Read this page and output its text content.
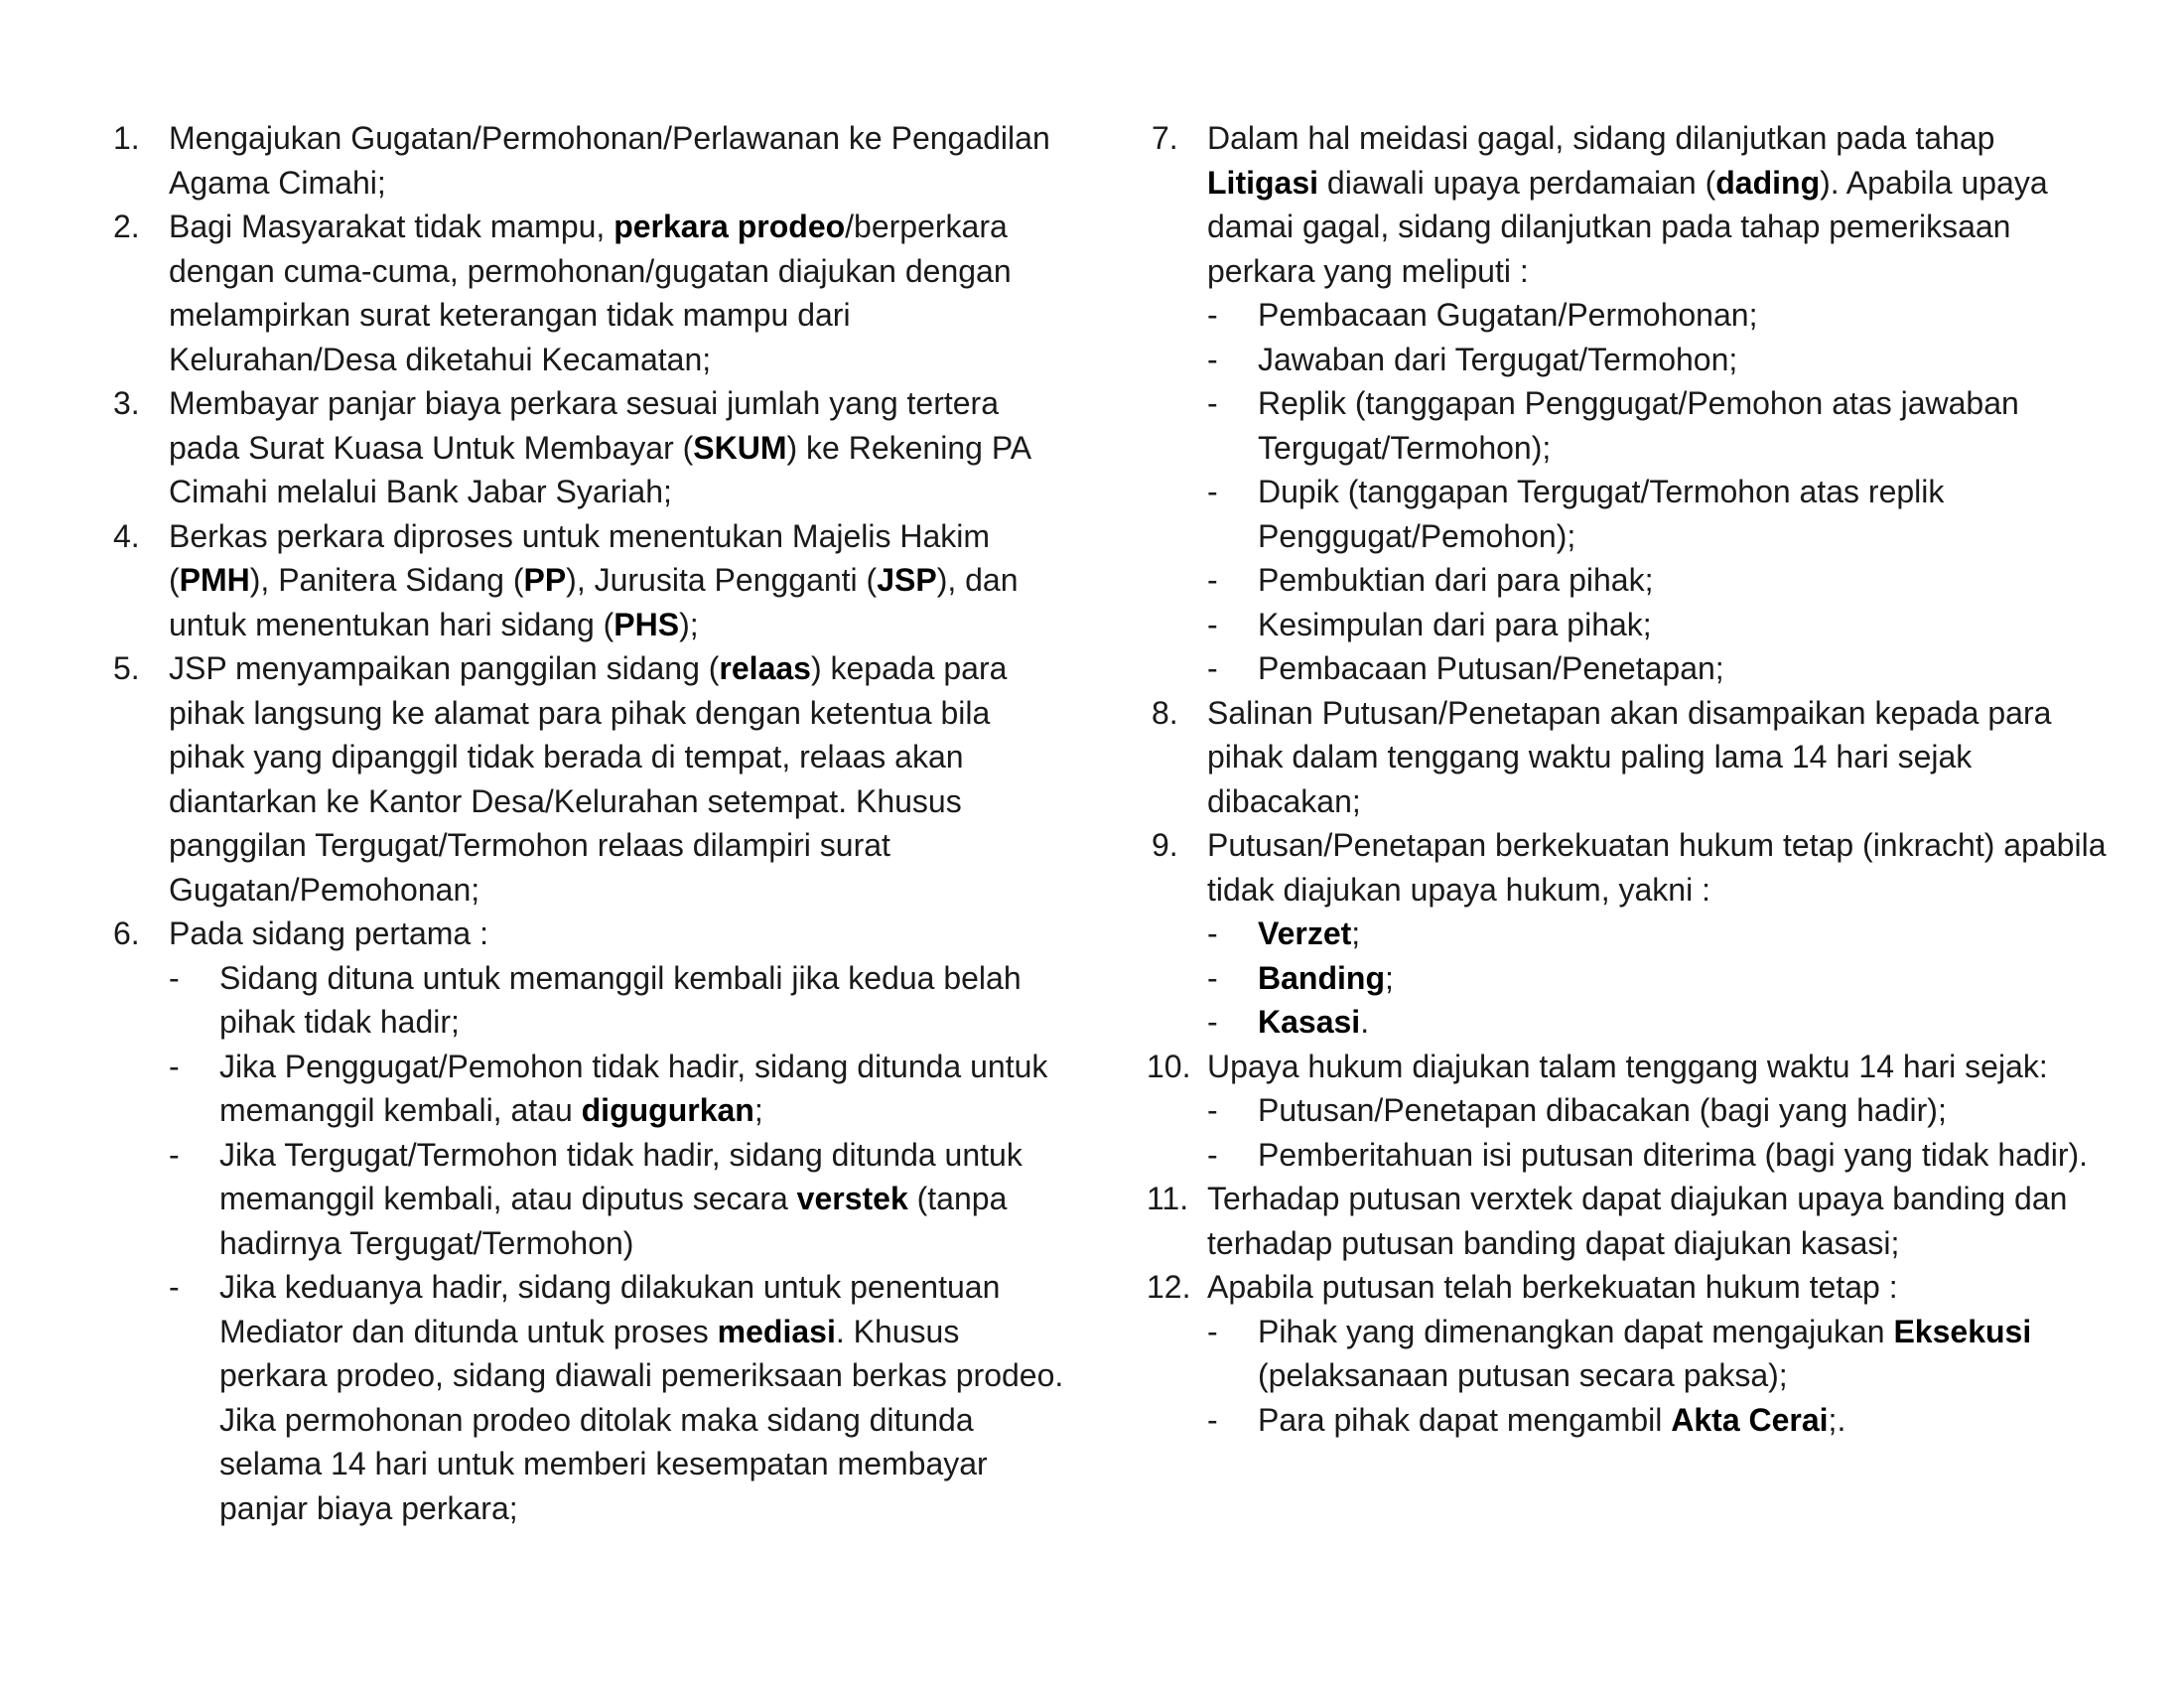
1. Mengajukan Gugatan/Permohonan/Perlawanan ke Pengadilan Agama Cimahi;
2. Bagi Masyarakat tidak mampu, perkara prodeo/berperkara dengan cuma-cuma, permohonan/gugatan diajukan dengan melampirkan surat keterangan tidak mampu dari Kelurahan/Desa diketahui Kecamatan;
3. Membayar panjar biaya perkara sesuai jumlah yang tertera pada Surat Kuasa Untuk Membayar (SKUM) ke Rekening PA Cimahi melalui Bank Jabar Syariah;
4. Berkas perkara diproses untuk menentukan Majelis Hakim (PMH), Panitera Sidang (PP), Jurusita Pengganti (JSP), dan untuk menentukan hari sidang (PHS);
5. JSP menyampaikan panggilan sidang (relaas) kepada para pihak langsung ke alamat para pihak dengan ketentua bila pihak yang dipanggil tidak berada di tempat, relaas akan diantarkan ke Kantor Desa/Kelurahan setempat. Khusus panggilan Tergugat/Termohon relaas dilampiri surat Gugatan/Pemohonan;
6. Pada sidang pertama :
- Sidang dituna untuk memanggil kembali jika kedua belah pihak tidak hadir;
- Jika Penggugat/Pemohon tidak hadir, sidang ditunda untuk memanggil kembali, atau digugurkan;
- Jika Tergugat/Termohon tidak hadir, sidang ditunda untuk memanggil kembali, atau diputus secara verstek (tanpa hadirnya Tergugat/Termohon)
- Jika keduanya hadir, sidang dilakukan untuk penentuan Mediator dan ditunda untuk proses mediasi. Khusus perkara prodeo, sidang diawali pemeriksaan berkas prodeo. Jika permohonan prodeo ditolak maka sidang ditunda selama 14 hari untuk memberi kesempatan membayar panjar biaya perkara;
7. Dalam hal meidasi gagal, sidang dilanjutkan pada tahap Litigasi diawali upaya perdamaian (dading). Apabila upaya damai gagal, sidang dilanjutkan pada tahap pemeriksaan perkara yang meliputi :
- Pembacaan Gugatan/Permohonan;
- Jawaban dari Tergugat/Termohon;
- Replik (tanggapan Penggugat/Pemohon atas jawaban Tergugat/Termohon);
- Dupik (tanggapan Tergugat/Termohon atas replik Penggugat/Pemohon);
- Pembuktian dari para pihak;
- Kesimpulan dari para pihak;
- Pembacaan Putusan/Penetapan;
8. Salinan Putusan/Penetapan akan disampaikan kepada para pihak dalam tenggang waktu paling lama 14 hari sejak dibacakan;
9. Putusan/Penetapan berkekuatan hukum tetap (inkracht) apabila tidak diajukan upaya hukum, yakni :
- Verzet;
- Banding;
- Kasasi.
10. Upaya hukum diajukan talam tenggang waktu 14 hari sejak:
- Putusan/Penetapan dibacakan (bagi yang hadir);
- Pemberitahuan isi putusan diterima (bagi yang tidak hadir).
11. Terhadap putusan verxtek dapat diajukan upaya banding dan terhadap putusan banding dapat diajukan kasasi;
12. Apabila putusan telah berkekuatan hukum tetap :
- Pihak yang dimenangkan dapat mengajukan Eksekusi (pelaksanaan putusan secara paksa);
- Para pihak dapat mengambil Akta Cerai;.
